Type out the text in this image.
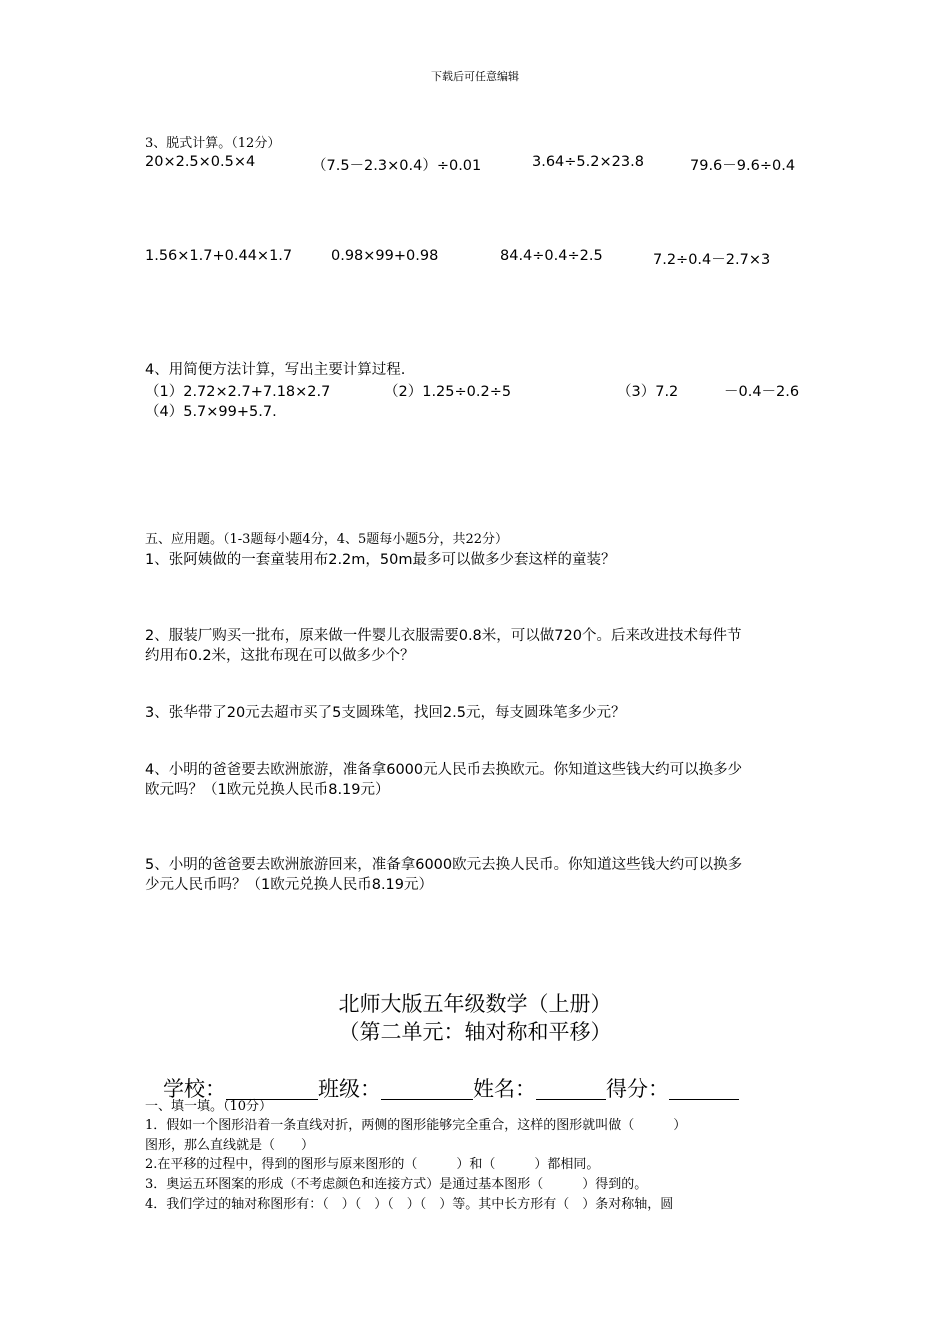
下载后可任意编辑
3、脱式计算。（12分）
20×2.5×0.5×4	（7.5－2.3×0.4）÷0.01	3.64÷5.2×23.8	79.6－9.6÷0.4
1.56×1.7+0.44×1.7	0.98×99+0.98	84.4÷0.4÷2.5	7.2÷0.4－2.7×3
4、用简便方法计算，写出主要计算过程.
（1）2.72×2.7+7.18×2.7	（2）1.25÷0.2÷5	（3）7.2	－0.4－2.6
（4）5.7×99+5.7.
五、应用题。（1-3题每小题4分，4、5题每小题5分，共22分）
1、张阿姨做的一套童装用布2.2m，50m最多可以做多少套这样的童装？
2、服装厂购买一批布，原来做一件婴儿衣服需要0.8米，可以做720个。后来改进技术每件节
约用布0.2米，这批布现在可以做多少个？
3、张华带了20元去超市买了5支圆珠笔，找回2.5元，每支圆珠笔多少元？
4、小明的爸爸要去欧洲旅游，准备拿6000元人民币去换欧元。你知道这些钱大约可以换多少
欧元吗？（1欧元兑换人民币8.19元）
5、小明的爸爸要去欧洲旅游回来，准备拿6000欧元去换人民币。你知道这些钱大约可以换多
少元人民币吗？（1欧元兑换人民币8.19元）
北师大版五年级数学（上册）
（第二单元：轴对称和平移）
学校：	班级：	姓名：	得分：
一、填一填。（10分）
1．假如一个图形沿着一条直线对折，两侧的图形能够完全重合，这样的图形就叫做（　　　）
图形，那么直线就是（　　）
2.在平移的过程中，得到的图形与原来图形的（　　　）和（　　　）都相同。
3．奥运五环图案的形成（不考虑颜色和连接方式）是通过基本图形（　　　）得到的。
4．我们学过的轴对称图形有：（　）（　）（　）（　）等。其中长方形有（　）条对称轴，圆
